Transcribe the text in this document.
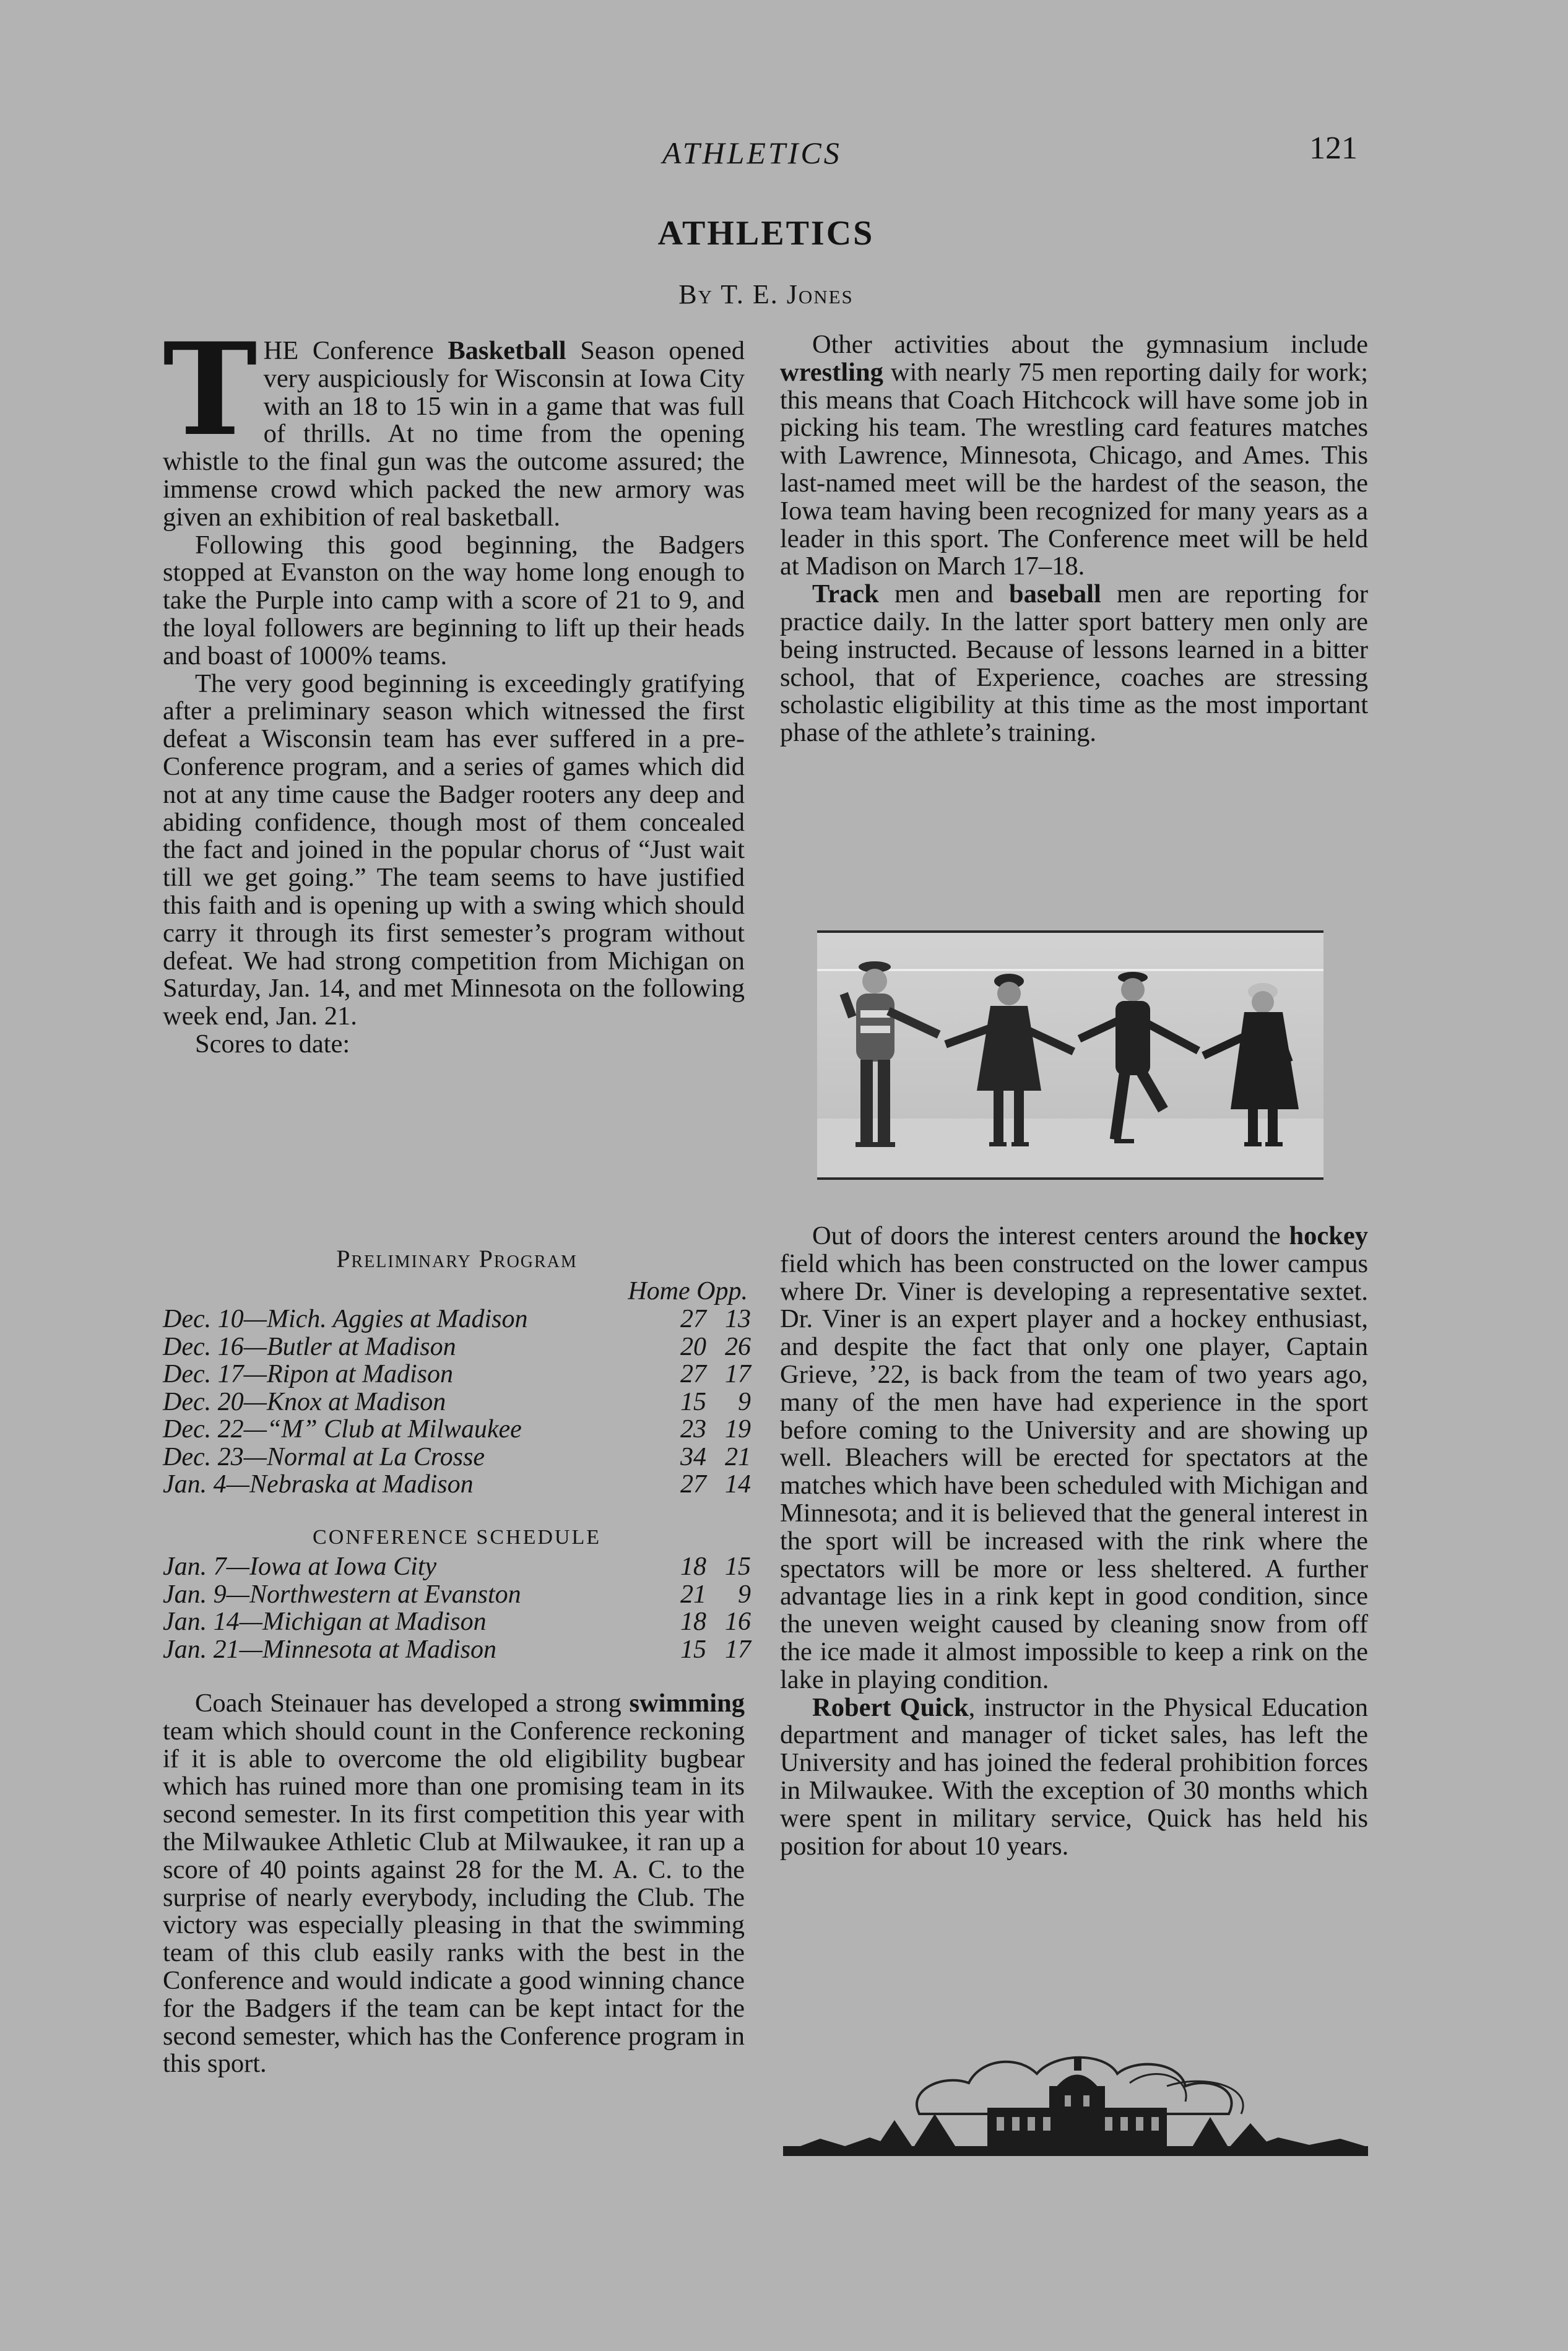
ATHLETICS	121
ATHLETICS
By T. E. Jones

THE Conference Basketball Season opened very auspiciously for Wisconsin at Iowa City with an 18 to 15 win in a game that was full of thrills. At no time from the opening whistle to the final gun was the outcome assured; the immense crowd which packed the new armory was given an exhibition of real basketball.

Following this good beginning, the Badgers stopped at Evanston on the way home long enough to take the Purple into camp with a score of 21 to 9, and the loyal followers are beginning to lift up their heads and boast of 1000% teams.

The very good beginning is exceedingly gratifying after a preliminary season which witnessed the first defeat a Wisconsin team has ever suffered in a pre-Conference program, and a series of games which did not at any time cause the Badger rooters any deep and abiding confidence, though most of them concealed the fact and joined in the popular chorus of “Just wait till we get going.” The team seems to have justified this faith and is opening up with a swing which should carry it through its first semester’s program without defeat. We had strong competition from Michigan on Saturday, Jan. 14, and met Minnesota on the following week end, Jan. 21.

Scores to date:

Preliminary Program
Home Opp.
Dec. 10—Mich. Aggies at Madison	27 13
Dec. 16—Butler at Madison	20 26
Dec. 17—Ripon at Madison	27 17
Dec. 20—Knox at Madison	15	9
Dec. 22—“M” Club at Milwaukee	23 19
Dec. 23—Normal at La Crosse	34 21
Jan. 4—Nebraska at Madison	27 14
CONFERENCE SCHEDULE
Jan. 7—Iowa at Iowa City	18 15
Jan. 9—Northwestern at Evanston	21	9
Jan. 14—Michigan at Madison	18 16
Jan. 21—Minnesota at Madison	15 17

Coach Steinauer has developed a strong swimming team which should count in the Conference reckoning if it is able to overcome the old eligibility bugbear which has ruined more than one promising team in its second semester. In its first competition this year with the Milwaukee Athletic Club at Milwaukee, it ran up a score of 40 points against 28 for the M. A. C. to the surprise of nearly everybody, including the Club. The victory was especially pleasing in that the swimming team of this club easily ranks with the best in the Conference and would indicate a good winning chance for the Badgers if the team can be kept intact for the second semester, which has the Conference program in this sport.

Other activities about the gymnasium include wrestling with nearly 75 men reporting daily for work; this means that Coach Hitchcock will have some job in picking his team. The wrestling card features matches with Lawrence, Minnesota, Chicago, and Ames. This last-named meet will be the hardest of the season, the Iowa team having been recognized for many years as a leader in this sport. The Conference meet will be held at Madison on March 17–18.

Track men and baseball men are reporting for practice daily. In the latter sport battery men only are being instructed. Because of lessons learned in a bitter school, that of Experience, coaches are stressing scholastic eligibility at this time as the most important phase of the athlete’s training.

Out of doors the interest centers around the hockey field which has been constructed on the lower campus where Dr. Viner is developing a representative sextet. Dr. Viner is an expert player and a hockey enthusiast, and despite the fact that only one player, Captain Grieve, ’22, is back from the team of two years ago, many of the men have had experience in the sport before coming to the University and are showing up well. Bleachers will be erected for spectators at the matches which have been scheduled with Michigan and Minnesota; and it is believed that the general interest in the sport will be increased with the rink where the spectators will be more or less sheltered. A further advantage lies in a rink kept in good condition, since the uneven weight caused by cleaning snow from off the ice made it almost impossible to keep a rink on the lake in playing condition.

Robert Quick, instructor in the Physical Education department and manager of ticket sales, has left the University and has joined the federal prohibition forces in Milwaukee. With the exception of 30 months which were spent in military service, Quick has held his position for about 10 years.
